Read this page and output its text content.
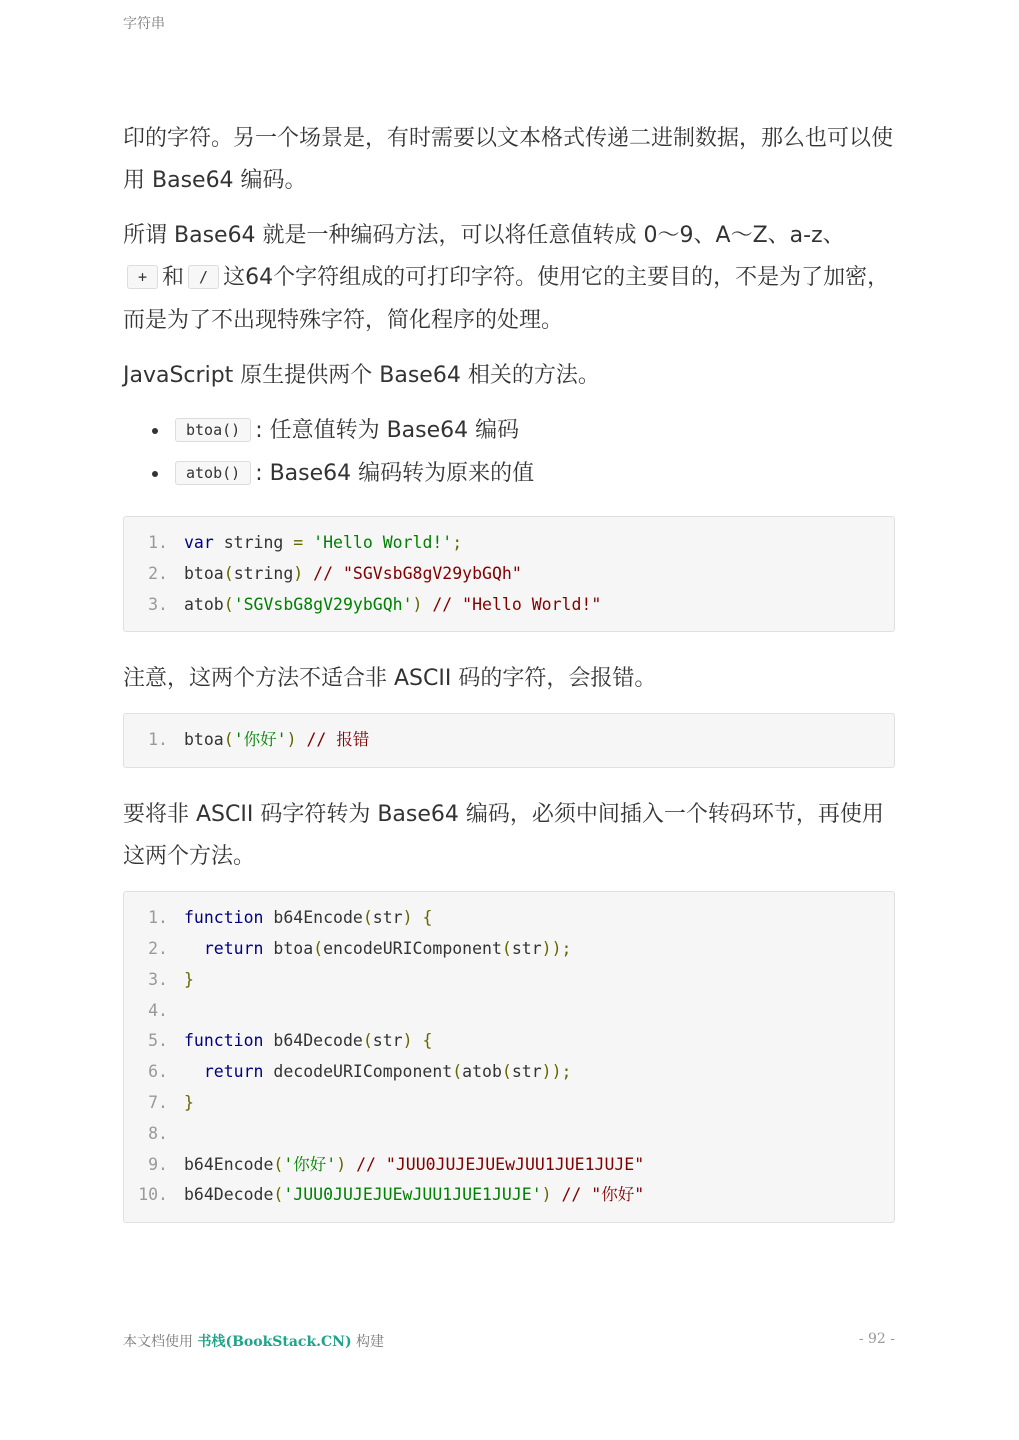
字符串

印的字符。另一个场景是，有时需要以文本格式传递二进制数据，那么也可以使用 Base64 编码。

所谓 Base64 就是一种编码方法，可以将任意值转成 0～9、A～Z、a-z、+ 和 / 这64个字符组成的可打印字符。使用它的主要目的，不是为了加密，而是为了不出现特殊字符，简化程序的处理。

JavaScript 原生提供两个 Base64 相关的方法。

• btoa() : 任意值转为 Base64 编码
• atob() : Base64 编码转为原来的值
1. var string = 'Hello World!';
2. btoa(string) // "SGVsbG8gV29ybGQh"
3. atob('SGVsbG8gV29ybGQh') // "Hello World!"

注意，这两个方法不适合非 ASCII 码的字符，会报错。

1. btoa('你好') // 报错

要将非 ASCII 码字符转为 Base64 编码，必须中间插入一个转码环节，再使用这两个方法。

1. function b64Encode(str) {
2. return btoa(encodeURIComponent(str));
3. }
4.
5. function b64Decode(str) {
6. return decodeURIComponent(atob(str));
7. }
8.
9. b64Encode('你好') // "JUU0JUJEJUEwJUU1JUE1JUJE"
10. b64Decode('JUU0JUJEJUEwJUU1JUE1JUJE') // "你好"
本文档使用 书栈(BookStack.CN) 构建	- 92 -
